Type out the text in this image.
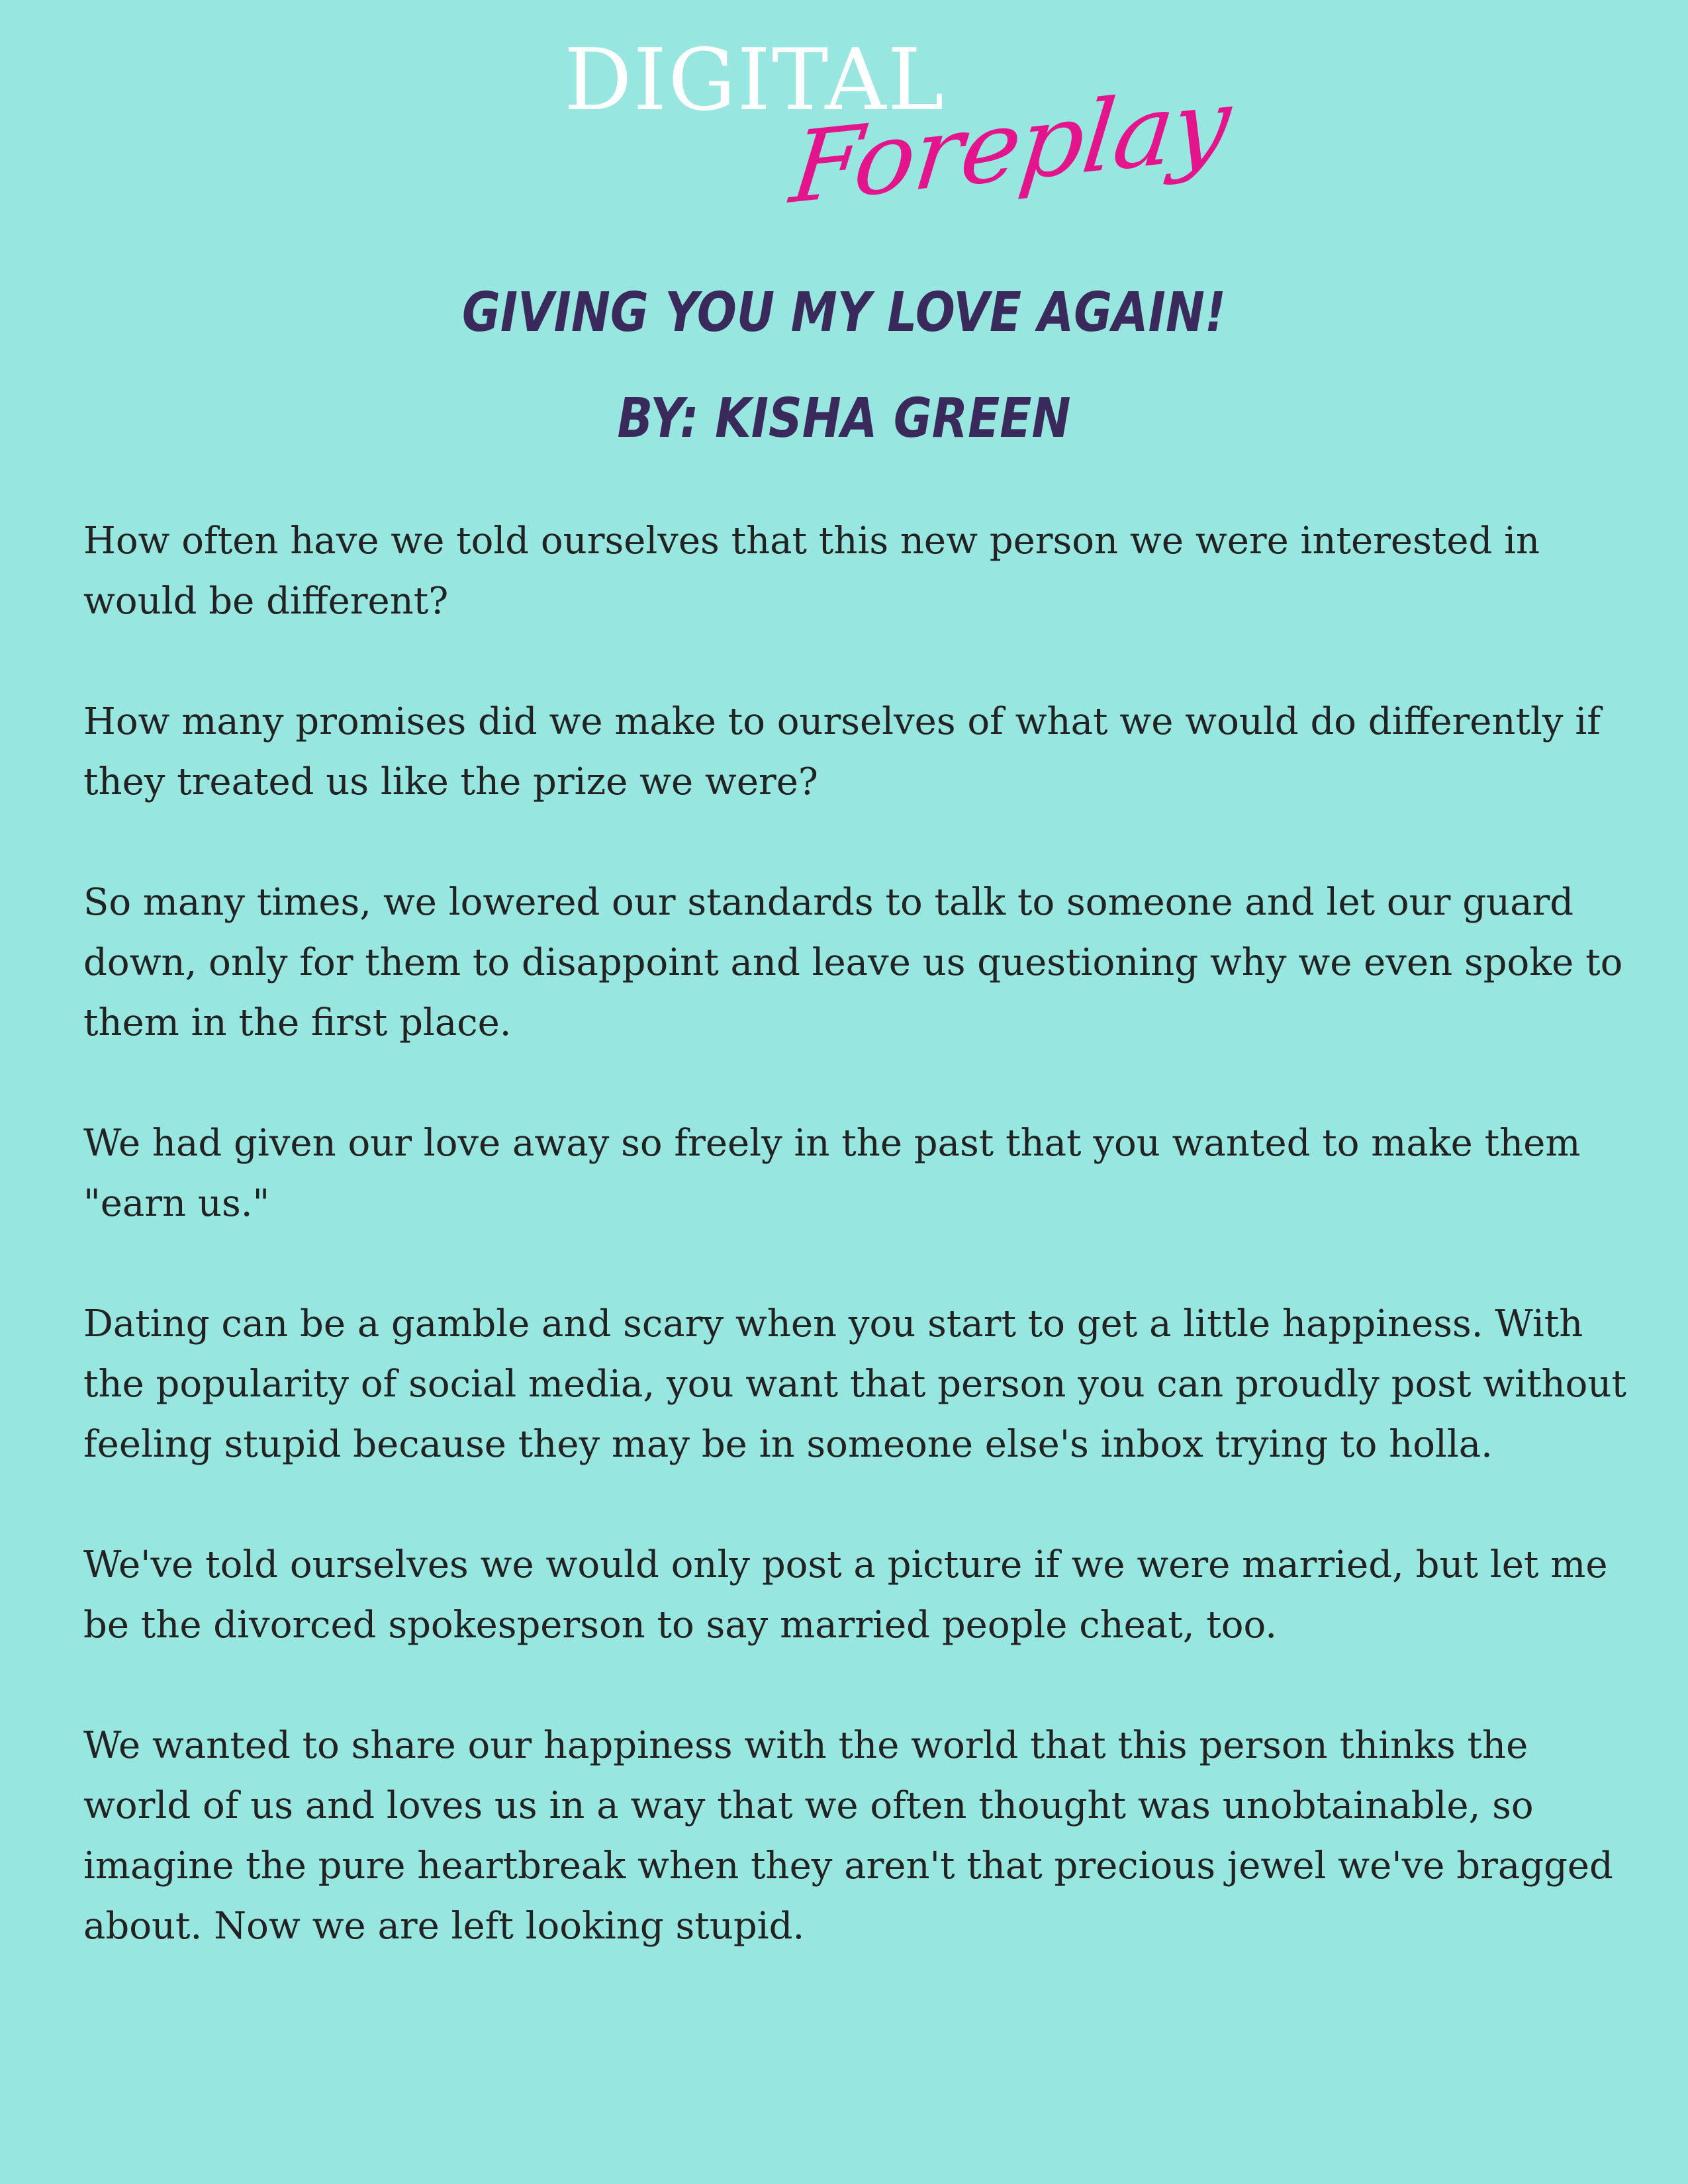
DIGITAL
Foreplay
GIVING YOU MY LOVE AGAIN!
BY: KISHA GREEN

How often have we told ourselves that this new person we were interested in would be different?

How many promises did we make to ourselves of what we would do differently if they treated us like the prize we were?

So many times, we lowered our standards to talk to someone and let our guard down, only for them to disappoint and leave us questioning why we even spoke to them in the first place.

We had given our love away so freely in the past that you wanted to make them "earn us."

Dating can be a gamble and scary when you start to get a little happiness. With the popularity of social media, you want that person you can proudly post without feeling stupid because they may be in someone else's inbox trying to holla.

We've told ourselves we would only post a picture if we were married, but let me be the divorced spokesperson to say married people cheat, too.

We wanted to share our happiness with the world that this person thinks the world of us and loves us in a way that we often thought was unobtainable, so imagine the pure heartbreak when they aren't that precious jewel we've bragged about. Now we are left looking stupid.
